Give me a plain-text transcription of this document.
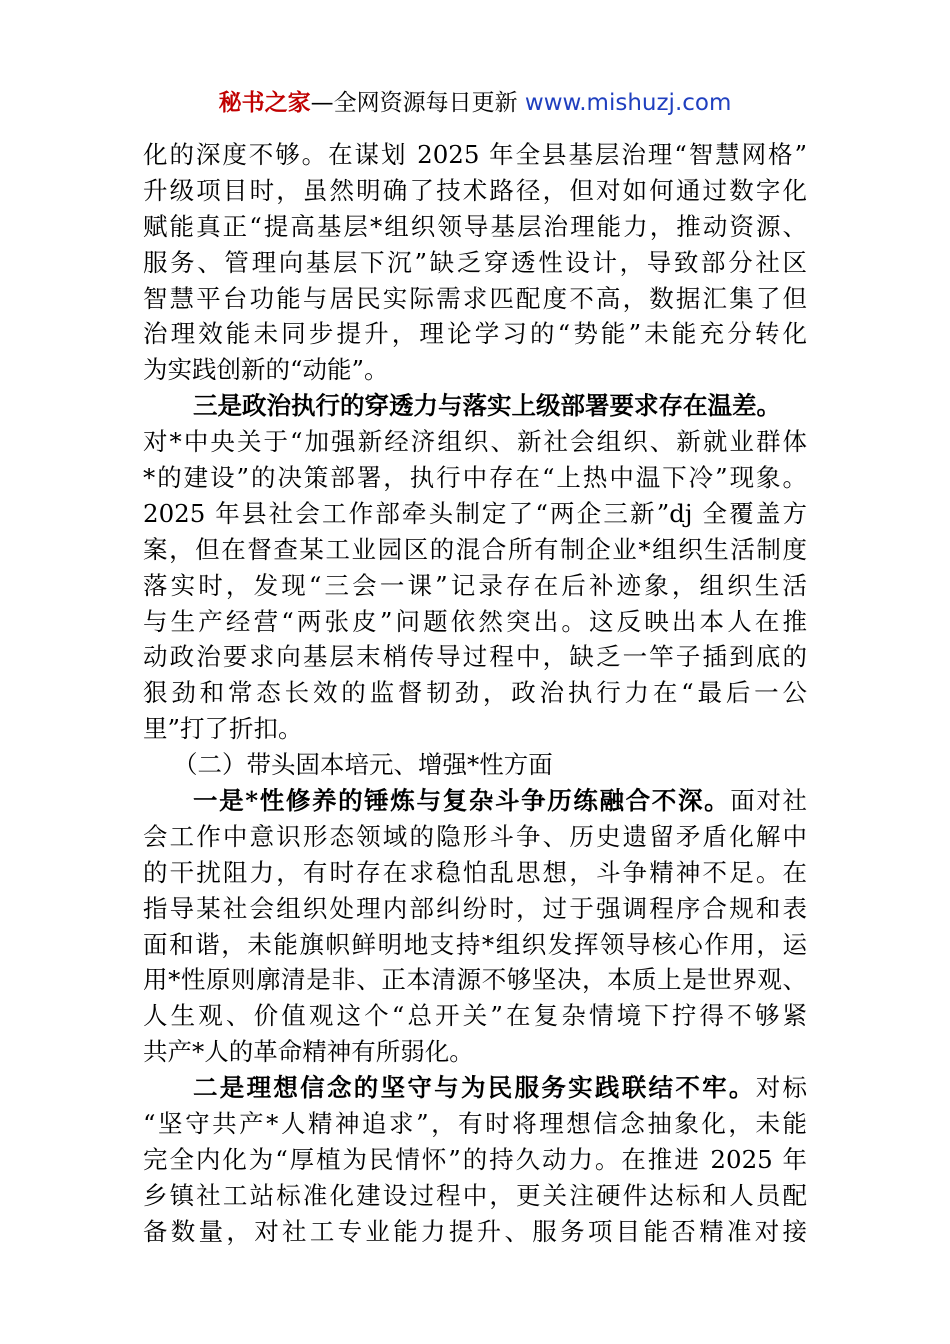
秘书之家—全网资源每日更新 www.mishuzj.com
化的深度不够。在谋划 2025 年全县基层治理“智慧网格”
升级项目时，虽然明确了技术路径，但对如何通过数字化
赋能真正“提高基层*组织领导基层治理能力，推动资源、
服务、管理向基层下沉”缺乏穿透性设计，导致部分社区
智慧平台功能与居民实际需求匹配度不高，数据汇集了但
治理效能未同步提升，理论学习的“势能”未能充分转化
为实践创新的“动能”。
三是政治执行的穿透力与落实上级部署要求存在温差。
对*中央关于“加强新经济组织、新社会组织、新就业群体
*的建设”的决策部署，执行中存在“上热中温下冷”现象。
2025 年县社会工作部牵头制定了“两企三新”dj 全覆盖方
案，但在督查某工业园区的混合所有制企业*组织生活制度
落实时，发现“三会一课”记录存在后补迹象，组织生活
与生产经营“两张皮”问题依然突出。这反映出本人在推
动政治要求向基层末梢传导过程中，缺乏一竿子插到底的
狠劲和常态长效的监督韧劲，政治执行力在“最后一公
里”打了折扣。
（二）带头固本培元、增强*性方面
一是*性修养的锤炼与复杂斗争历练融合不深。面对社
会工作中意识形态领域的隐形斗争、历史遗留矛盾化解中
的干扰阻力，有时存在求稳怕乱思想，斗争精神不足。在
指导某社会组织处理内部纠纷时，过于强调程序合规和表
面和谐，未能旗帜鲜明地支持*组织发挥领导核心作用，运
用*性原则廓清是非、正本清源不够坚决，本质上是世界观、
人生观、价值观这个“总开关”在复杂情境下拧得不够紧
共产*人的革命精神有所弱化。
二是理想信念的坚守与为民服务实践联结不牢。对标
“坚守共产*人精神追求”，有时将理想信念抽象化，未能
完全内化为“厚植为民情怀”的持久动力。在推进 2025 年
乡镇社工站标准化建设过程中，更关注硬件达标和人员配
备数量，对社工专业能力提升、服务项目能否精准对接
